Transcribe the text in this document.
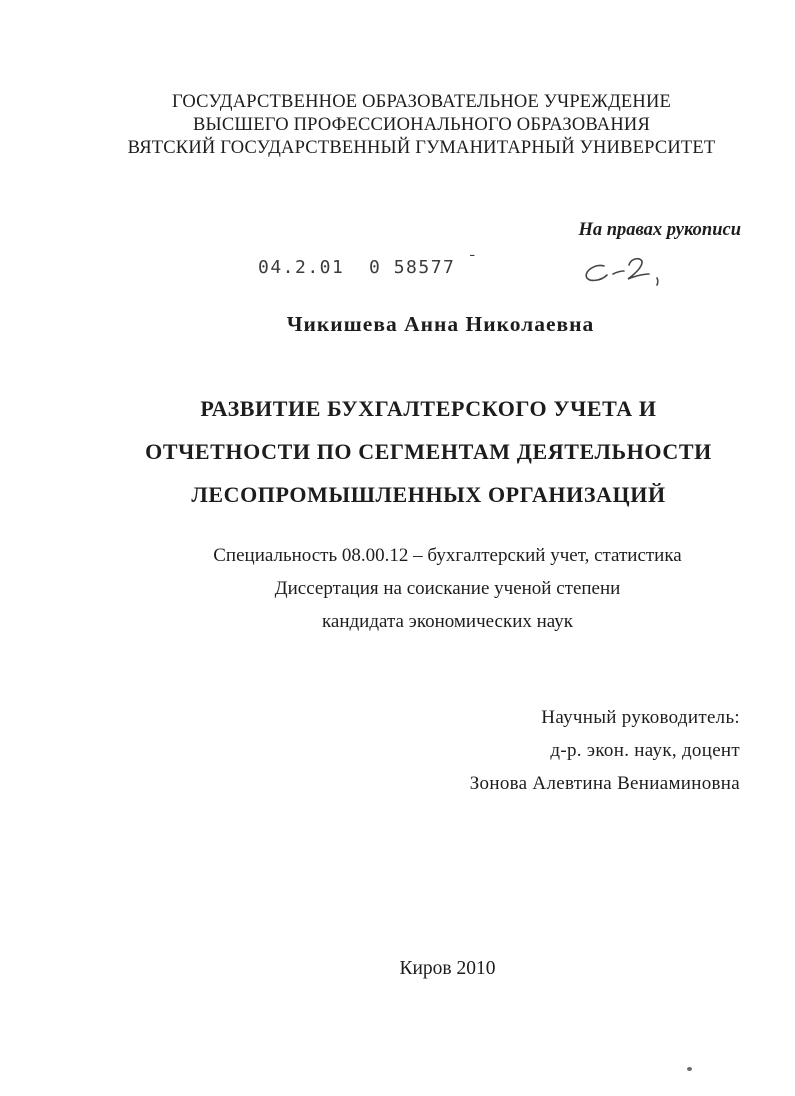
ГОСУДАРСТВЕННОЕ ОБРАЗОВАТЕЛЬНОЕ УЧРЕЖДЕНИЕ
ВЫСШЕГО ПРОФЕССИОНАЛЬНОГО ОБРАЗОВАНИЯ
ВЯТСКИЙ ГОСУДАРСТВЕННЫЙ ГУМАНИТАРНЫЙ УНИВЕРСИТЕТ
На правах рукописи
04.2.01  0 58577 ¯
Чикишева Анна Николаевна
РАЗВИТИЕ БУХГАЛТЕРСКОГО УЧЕТА И
ОТЧЕТНОСТИ ПО СЕГМЕНТАМ ДЕЯТЕЛЬНОСТИ
ЛЕСОПРОМЫШЛЕННЫХ ОРГАНИЗАЦИЙ
Специальность 08.00.12 – бухгалтерский учет, статистика
Диссертация на соискание ученой степени
кандидата экономических наук
Научный руководитель:
д-р. экон. наук, доцент
Зонова Алевтина Вениаминовна
Киров 2010
